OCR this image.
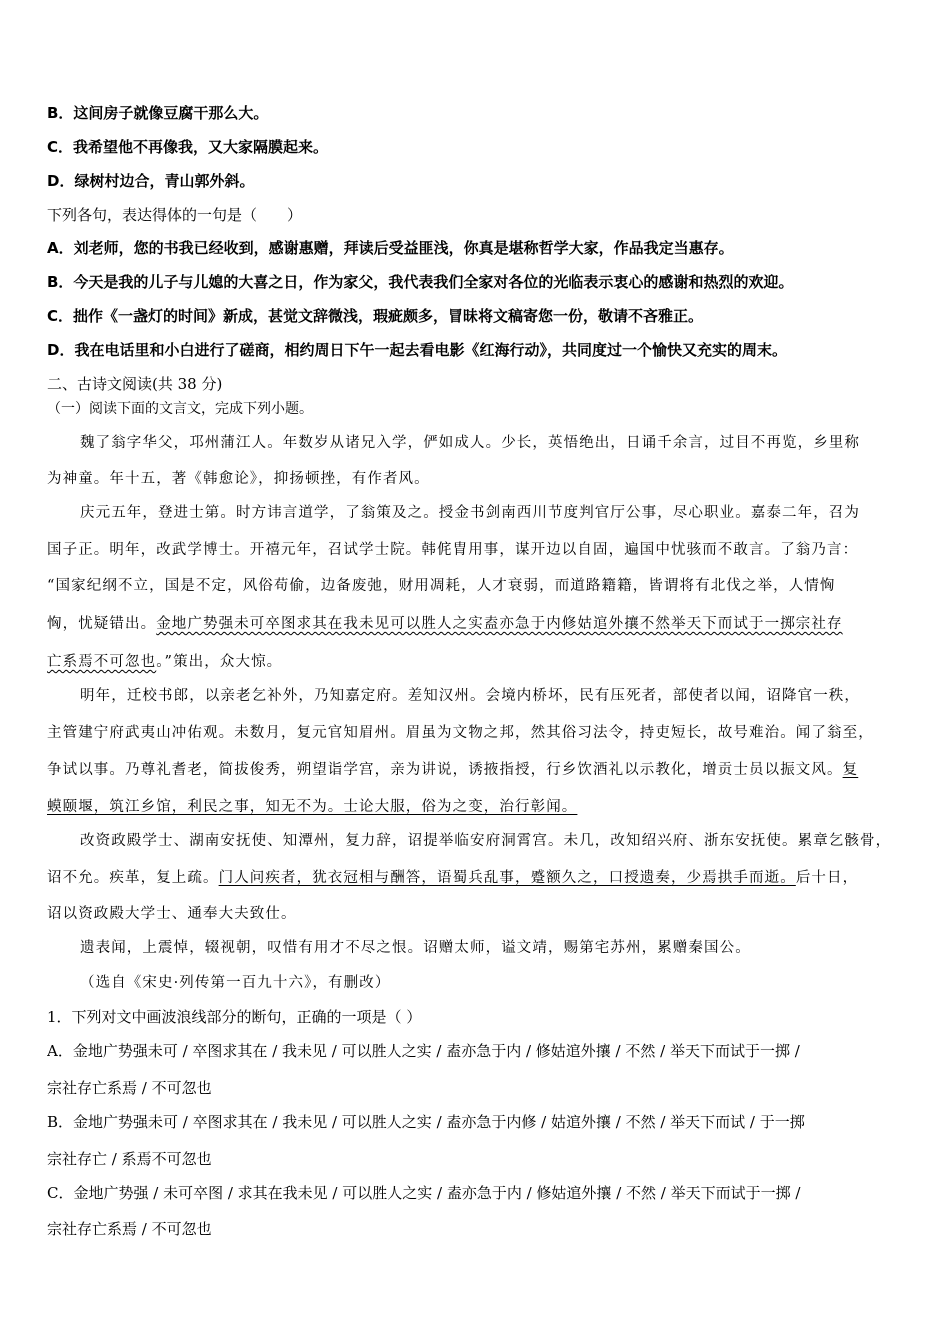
B．这间房子就像豆腐干那么大。
C．我希望他不再像我，又大家隔膜起来。
D．绿树村边合，青山郭外斜。
下列各句，表达得体的一句是（　　）
A．刘老师，您的书我已经收到，感谢惠赠，拜读后受益匪浅，你真是堪称哲学大家，作品我定当惠存。
B．今天是我的儿子与儿媳的大喜之日，作为家父，我代表我们全家对各位的光临表示衷心的感谢和热烈的欢迎。
C．拙作《一盏灯的时间》新成，甚觉文辞微浅，瑕疵颇多，冒昧将文稿寄您一份，敬请不吝雅正。
D．我在电话里和小白进行了磋商，相约周日下午一起去看电影《红海行动》，共同度过一个愉快又充实的周末。
二、古诗文阅读(共 38 分)
（一）阅读下面的文言文，完成下列小题。
魏了翁字华父，邛州蒲江人。年数岁从诸兄入学，俨如成人。少长，英悟绝出，日诵千余言，过目不再览，乡里称
为神童。年十五，著《韩愈论》，抑扬顿挫，有作者风。
庆元五年，登进士第。时方讳言道学，了翁策及之。授金书剑南西川节度判官厅公事，尽心职业。嘉泰二年，召为
国子正。明年，改武学博士。开禧元年，召试学士院。韩侂胄用事，谋开边以自固，遍国中忧骇而不敢言。了翁乃言：
“国家纪纲不立，国是不定，风俗苟偷，边备废弛，财用凋耗，人才衰弱，而道路籍籍，皆谓将有北伐之举，人情恟
恟，忧疑错出。金地广势强未可卒图求其在我未见可以胜人之实盍亦急于内修姑逭外攘不然举天下而试于一掷宗社存
亡系焉不可忽也。”策出，众大惊。
明年，迁校书郎，以亲老乞补外，乃知嘉定府。差知汉州。会境内桥坏，民有压死者，部使者以闻，诏降官一秩，
主管建宁府武夷山冲佑观。未数月，复元官知眉州。眉虽为文物之邦，然其俗习法令，持吏短长，故号难治。闻了翁至，
争试以事。乃尊礼耆老，简拔俊秀，朔望诣学宫，亲为讲说，诱掖指授，行乡饮酒礼以示教化，增贡士员以振文风。复
蟆颐堰，筑江乡馆，利民之事，知无不为。士论大服，俗为之变，治行彰闻。
改资政殿学士、湖南安抚使、知潭州，复力辞，诏提举临安府洞霄宫。未几，改知绍兴府、浙东安抚使。累章乞骸骨，
诏不允。疾革，复上疏。门人问疾者，犹衣冠相与酬答，语蜀兵乱事，蹙额久之，口授遗奏，少焉拱手而逝。后十日，
诏以资政殿大学士、通奉大夫致仕。
遗表闻，上震悼，辍视朝，叹惜有用才不尽之恨。诏赠太师，谥文靖，赐第宅苏州，累赠秦国公。
（选自《宋史·列传第一百九十六》，有删改）
1．下列对文中画波浪线部分的断句，正确的一项是（ ）
A．金地广势强未可 / 卒图求其在 / 我未见 / 可以胜人之实 / 盍亦急于内 / 修姑逭外攘 / 不然 / 举天下而试于一掷 /
宗社存亡系焉 / 不可忽也
B．金地广势强未可 / 卒图求其在 / 我未见 / 可以胜人之实 / 盍亦急于内修 / 姑逭外攘 / 不然 / 举天下而试 / 于一掷
宗社存亡 / 系焉不可忽也
C．金地广势强 / 未可卒图 / 求其在我未见 / 可以胜人之实 / 盍亦急于内 / 修姑逭外攘 / 不然 / 举天下而试于一掷 /
宗社存亡系焉 / 不可忽也
